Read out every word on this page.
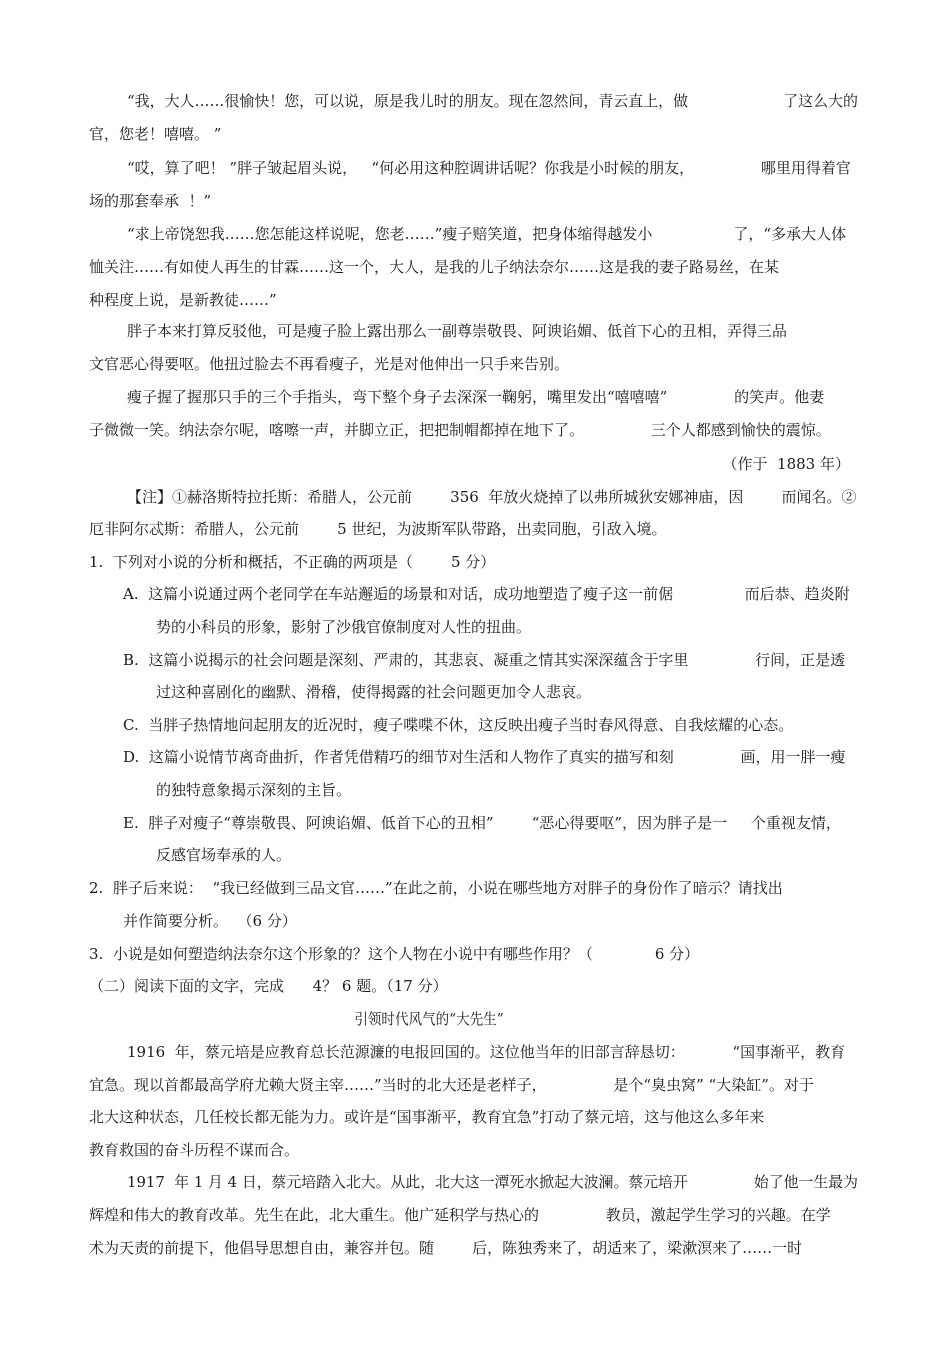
“我，大人……很愉快！您，可以说，原是我儿时的朋友。现在忽然间，青云直上，做                    了这么大的
官，您老！嘻嘻。 ”
“哎，算了吧！ ”胖子皱起眉头说，   “何必用这种腔调讲话呢？你我是小时候的朋友，              哪里用得着官
场的那套奉承  ！”
“求上帝饶恕我……您怎能这样说呢，您老……”瘦子赔笑道，把身体缩得越发小                 了，“多承大人体
恤关注……有如使人再生的甘霖……这一个，大人，是我的儿子纳法奈尔……这是我的妻子路易丝，在某
种程度上说，是新教徒……”
胖子本来打算反驳他，可是瘦子脸上露出那么一副尊崇敬畏、阿谀谄媚、低首下心的丑相，弄得三品
文官恶心得要呕。他扭过脸去不再看瘦子，光是对他伸出一只手来告别。
瘦子握了握那只手的三个手指头，弯下整个身子去深深一鞠躬，嘴里发出“嘻嘻嘻”              的笑声。他妻
子微微一笑。纳法奈尔呢，喀嚓一声，并脚立正，把把制帽都掉在地下了。              三个人都感到愉快的震惊。
（作于  1883 年）
【注】①赫洛斯特拉托斯：希腊人，公元前        356  年放火烧掉了以弗所城狄安娜神庙，因        而闻名。②
厄非阿尔忒斯：希腊人，公元前        5 世纪，为波斯军队带路，出卖同胞，引敌入境。
1.  下列对小说的分析和概括，不正确的两项是（        5 分）
A.  这篇小说通过两个老同学在车站邂逅的场景和对话，成功地塑造了瘦子这一前倨               而后恭、趋炎附
势的小科员的形象，影射了沙俄官僚制度对人性的扭曲。
B.  这篇小说揭示的社会问题是深刻、严肃的，其悲哀、凝重之情其实深深蕴含于字里              行间，正是透
过这种喜剧化的幽默、滑稽，使得揭露的社会问题更加令人悲哀。
C.  当胖子热情地问起朋友的近况时，瘦子喋喋不休，这反映出瘦子当时春风得意、自我炫耀的心态。
D.  这篇小说情节离奇曲折，作者凭借精巧的细节对生活和人物作了真实的描写和刻              画，用一胖一瘦
的独特意象揭示深刻的主旨。
E.  胖子对瘦子“尊崇敬畏、阿谀谄媚、低首下心的丑相”        “恶心得要呕”，因为胖子是一     个重视友情，
反感官场奉承的人。
2.  胖子后来说：  “我已经做到三品文官……”在此之前，小说在哪些地方对胖子的身份作了暗示？请找出
并作简要分析。  （6 分）
3.  小说是如何塑造纳法奈尔这个形象的？这个人物在小说中有哪些作用？（             6 分）
（二）阅读下面的文字，完成      4？ 6 题。（17 分）
引领时代风气的“大先生”
1916  年，蔡元培是应教育总长范源濂的电报回国的。这位他当年的旧部言辞恳切：          “国事渐平，教育
宜急。现以首都最高学府尤赖大贤主宰……”当时的北大还是老样子，              是个“臭虫窝” “大染缸”。对于
北大这种状态，几任校长都无能为力。或许是“国事渐平，教育宜急”打动了蔡元培，这与他这么多年来
教育救国的奋斗历程不谋而合。
1917  年 1 月 4 日，蔡元培踏入北大。从此，北大这一潭死水掀起大波澜。蔡元培开              始了他一生最为
辉煌和伟大的教育改革。先生在此，北大重生。他广延积学与热心的              教员，激起学生学习的兴趣。在学
术为天责的前提下，他倡导思想自由，兼容并包。随        后，陈独秀来了，胡适来了，梁漱溟来了……一时
